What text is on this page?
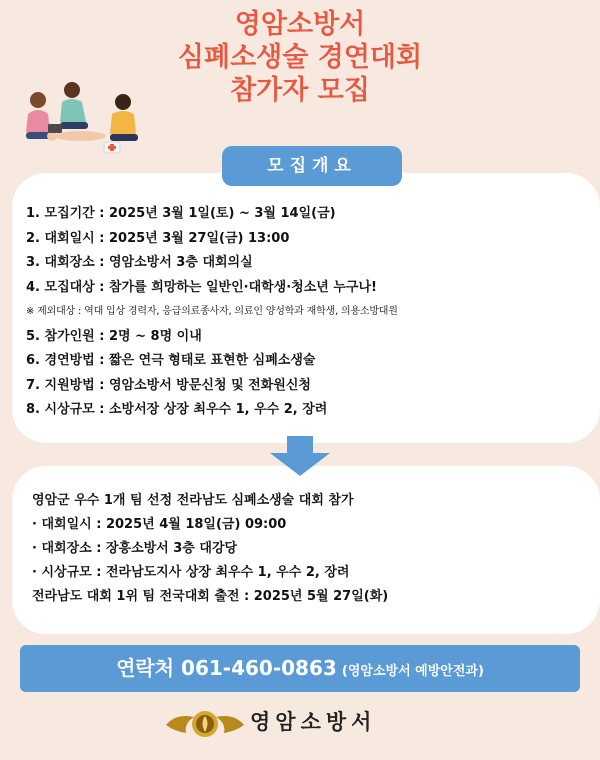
영암소방서
심폐소생술 경연대회
참가자 모집
모집개요
1. 모집기간 : 2025년 3월 1일(토) ~ 3월 14일(금)
2. 대회일시 : 2025년 3월 27일(금) 13:00
3. 대회장소 : 영암소방서 3층 대회의실
4. 모집대상 : 참가를 희망하는 일반인·대학생·청소년 누구나!
※ 제외대상 : 역대 입상 경력자, 응급의료종사자, 의료인 양성학과 재학생, 의용소방대원
5. 참가인원 : 2명 ~ 8명 이내
6. 경연방법 : 짧은 연극 형태로 표현한 심폐소생술
7. 지원방법 : 영암소방서 방문신청 및 전화원신청
8. 시상규모 : 소방서장 상장 최우수 1, 우수 2, 장려
영암군 우수 1개 팀 선정 전라남도 심폐소생술 대회 참가
· 대회일시 : 2025년 4월 18일(금) 09:00
· 대회장소 : 장흥소방서 3층 대강당
· 시상규모 : 전라남도지사 상장 최우수 1, 우수 2, 장려
전라남도 대회 1위 팀 전국대회 출전 : 2025년 5월 27일(화)
연락처 061-460-0863 (영암소방서 예방안전과)
영암소방서
